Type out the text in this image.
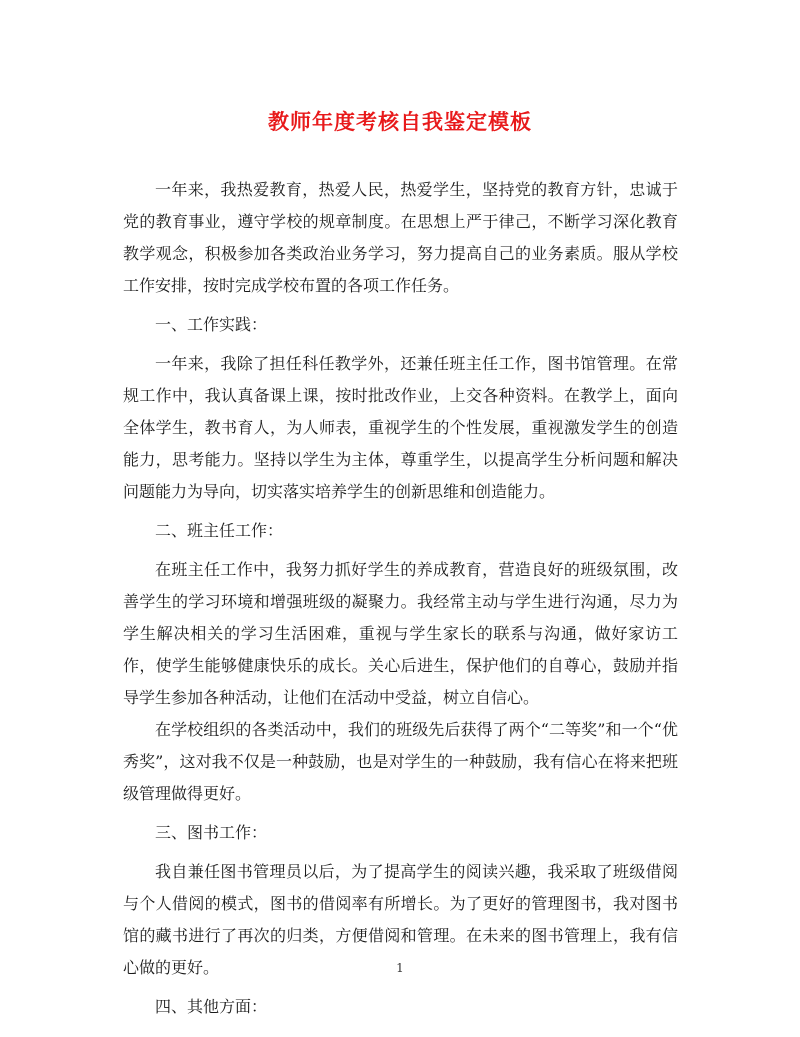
教师年度考核自我鉴定模板

一年来，我热爱教育，热爱人民，热爱学生，坚持党的教育方针，忠诚于党的教育事业，遵守学校的规章制度。在思想上严于律己，不断学习深化教育教学观念，积极参加各类政治业务学习，努力提高自己的业务素质。服从学校工作安排，按时完成学校布置的各项工作任务。

一、工作实践：

一年来，我除了担任科任教学外，还兼任班主任工作，图书馆管理。在常规工作中，我认真备课上课，按时批改作业，上交各种资料。在教学上，面向全体学生，教书育人，为人师表，重视学生的个性发展，重视激发学生的创造能力，思考能力。坚持以学生为主体，尊重学生，以提高学生分析问题和解决问题能力为导向，切实落实培养学生的创新思维和创造能力。

二、班主任工作：

在班主任工作中，我努力抓好学生的养成教育，营造良好的班级氛围，改善学生的学习环境和增强班级的凝聚力。我经常主动与学生进行沟通，尽力为学生解决相关的学习生活困难，重视与学生家长的联系与沟通，做好家访工作，使学生能够健康快乐的成长。关心后进生，保护他们的自尊心，鼓励并指导学生参加各种活动，让他们在活动中受益，树立自信心。

在学校组织的各类活动中，我们的班级先后获得了两个“二等奖”和一个“优秀奖”，这对我不仅是一种鼓励，也是对学生的一种鼓励，我有信心在将来把班级管理做得更好。

三、图书工作：

我自兼任图书管理员以后，为了提高学生的阅读兴趣，我采取了班级借阅与个人借阅的模式，图书的借阅率有所增长。为了更好的管理图书，我对图书馆的藏书进行了再次的归类，方便借阅和管理。在未来的图书管理上，我有信心做的更好。

四、其他方面：

1
